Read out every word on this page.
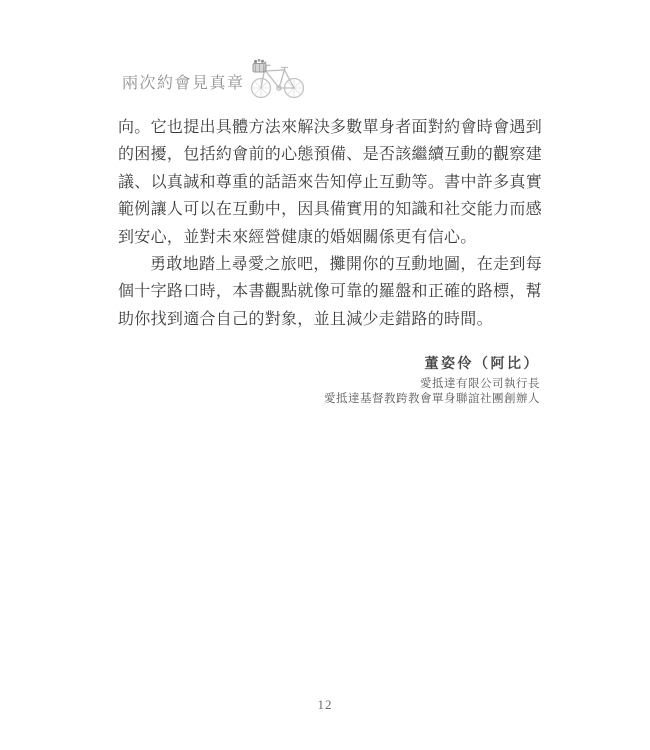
兩次約會見真章

向。它也提出具體方法來解決多數單身者面對約會時會遇到的困擾，包括約會前的心態預備、是否該繼續互動的觀察建議、以真誠和尊重的話語來告知停止互動等。書中許多真實範例讓人可以在互動中，因具備實用的知識和社交能力而感到安心，並對未來經營健康的婚姻關係更有信心。

勇敢地踏上尋愛之旅吧，攤開你的互動地圖，在走到每個十字路口時，本書觀點就像可靠的羅盤和正確的路標，幫助你找到適合自己的對象，並且減少走錯路的時間。

董姿伶（阿比）
愛抵達有限公司執行長
愛抵達基督教跨教會單身聯誼社團創辦人
12
